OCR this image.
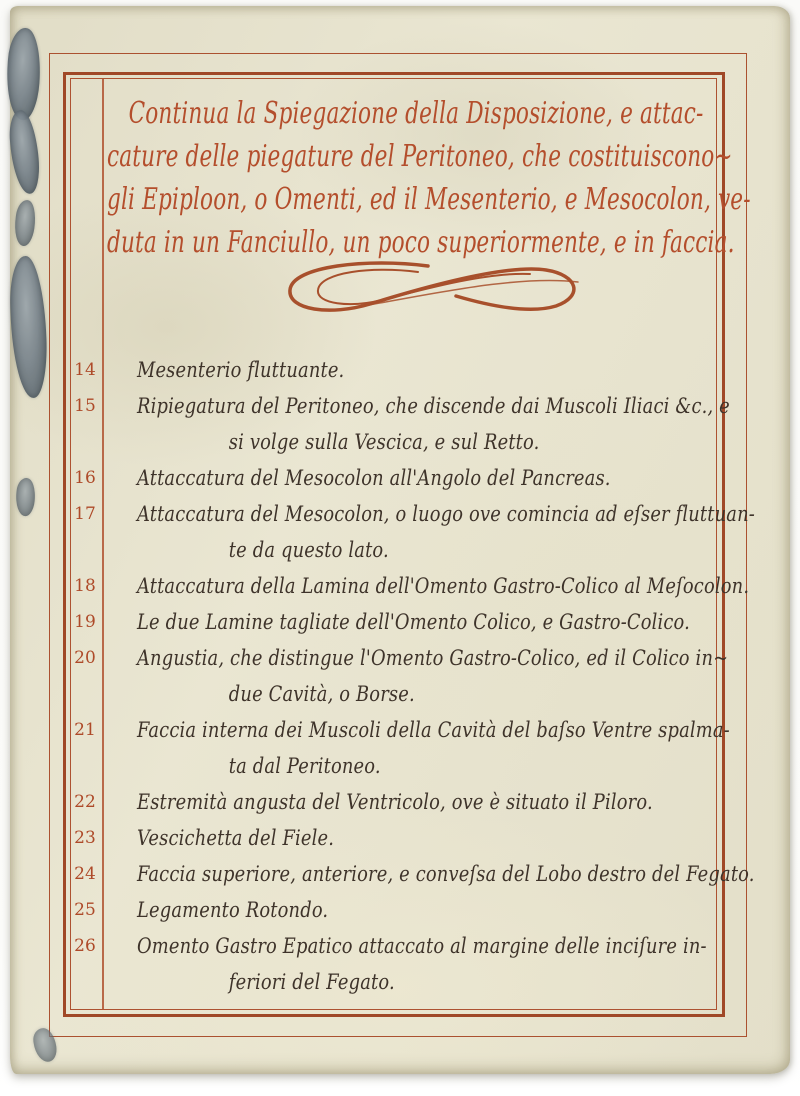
Continua la Spiegazione della Disposizione, e attac-
cature delle piegature del Peritoneo, che costituiscono~
gli Epiploon, o Omenti, ed il Mesenterio, e Mesocolon, ve-
duta in un Fanciullo, un poco superiormente, e in faccia.
14 Mesenterio fluttuante.
15 Ripiegatura del Peritoneo, che discende dai Muscoli Iliaci &c., e
si volge sulla Vescica, e sul Retto.
16 Attaccatura del Mesocolon all'Angolo del Pancreas.
17 Attaccatura del Mesocolon, o luogo ove comincia ad eſser fluttuan-
te da questo lato.
18 Attaccatura della Lamina dell'Omento Gastro-Colico al Meſocolon.
19 Le due Lamine tagliate dell'Omento Colico, e Gastro-Colico.
20 Angustia, che distingue l'Omento Gastro-Colico, ed il Colico in~
due Cavità, o Borse.
21 Faccia interna dei Muscoli della Cavità del baſso Ventre spalma-
ta dal Peritoneo.
22 Estremità angusta del Ventricolo, ove è situato il Piloro.
23 Vescichetta del Fiele.
24 Faccia superiore, anteriore, e conveſsa del Lobo destro del Fegato.
25 Legamento Rotondo.
26 Omento Gastro Epatico attaccato al margine delle inciſure in-
feriori del Fegato.
